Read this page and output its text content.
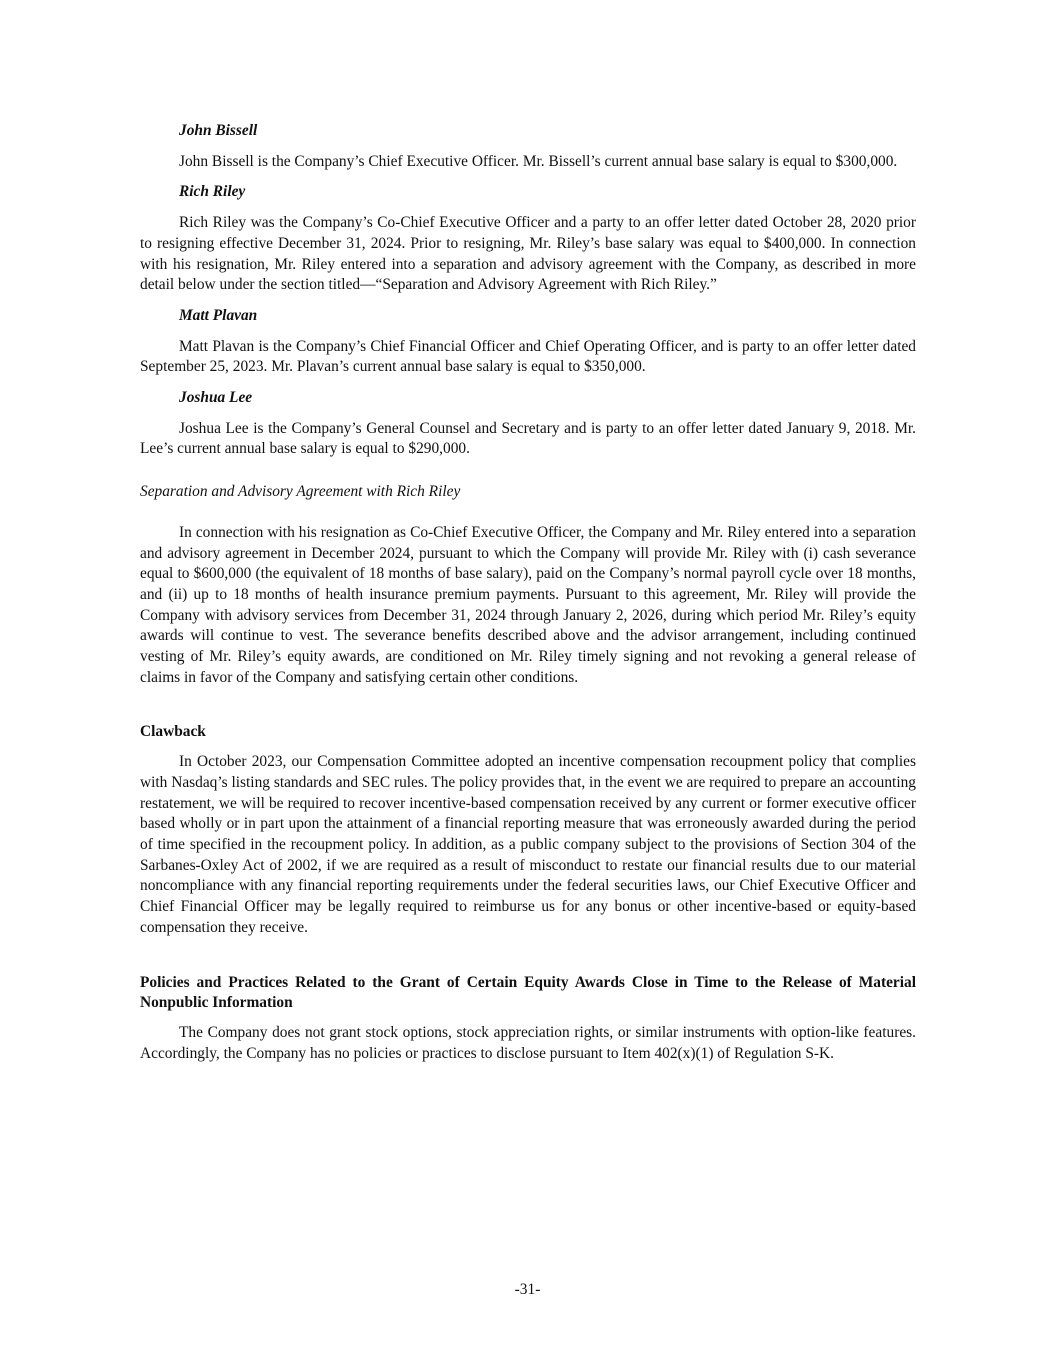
John Bissell

John Bissell is the Company’s Chief Executive Officer. Mr. Bissell’s current annual base salary is equal to $300,000.

Rich Riley

Rich Riley was the Company’s Co-Chief Executive Officer and a party to an offer letter dated October 28, 2020 prior to resigning effective December 31, 2024. Prior to resigning, Mr. Riley’s base salary was equal to $400,000. In connection with his resignation, Mr. Riley entered into a separation and advisory agreement with the Company, as described in more detail below under the section titled—“Separation and Advisory Agreement with Rich Riley.”

Matt Plavan

Matt Plavan is the Company’s Chief Financial Officer and Chief Operating Officer, and is party to an offer letter dated September 25, 2023. Mr. Plavan’s current annual base salary is equal to $350,000.

Joshua Lee

Joshua Lee is the Company’s General Counsel and Secretary and is party to an offer letter dated January 9, 2018. Mr. Lee’s current annual base salary is equal to $290,000.

Separation and Advisory Agreement with Rich Riley

In connection with his resignation as Co-Chief Executive Officer, the Company and Mr. Riley entered into a separation and advisory agreement in December 2024, pursuant to which the Company will provide Mr. Riley with (i) cash severance equal to $600,000 (the equivalent of 18 months of base salary), paid on the Company’s normal payroll cycle over 18 months, and (ii) up to 18 months of health insurance premium payments. Pursuant to this agreement, Mr. Riley will provide the Company with advisory services from December 31, 2024 through January 2, 2026, during which period Mr. Riley’s equity awards will continue to vest. The severance benefits described above and the advisor arrangement, including continued vesting of Mr. Riley’s equity awards, are conditioned on Mr. Riley timely signing and not revoking a general release of claims in favor of the Company and satisfying certain other conditions.

Clawback

In October 2023, our Compensation Committee adopted an incentive compensation recoupment policy that complies with Nasdaq’s listing standards and SEC rules. The policy provides that, in the event we are required to prepare an accounting restatement, we will be required to recover incentive-based compensation received by any current or former executive officer based wholly or in part upon the attainment of a financial reporting measure that was erroneously awarded during the period of time specified in the recoupment policy. In addition, as a public company subject to the provisions of Section 304 of the Sarbanes-Oxley Act of 2002, if we are required as a result of misconduct to restate our financial results due to our material noncompliance with any financial reporting requirements under the federal securities laws, our Chief Executive Officer and Chief Financial Officer may be legally required to reimburse us for any bonus or other incentive-based or equity-based compensation they receive.

Policies and Practices Related to the Grant of Certain Equity Awards Close in Time to the Release of Material Nonpublic Information

The Company does not grant stock options, stock appreciation rights, or similar instruments with option-like features. Accordingly, the Company has no policies or practices to disclose pursuant to Item 402(x)(1) of Regulation S-K.

-31-
